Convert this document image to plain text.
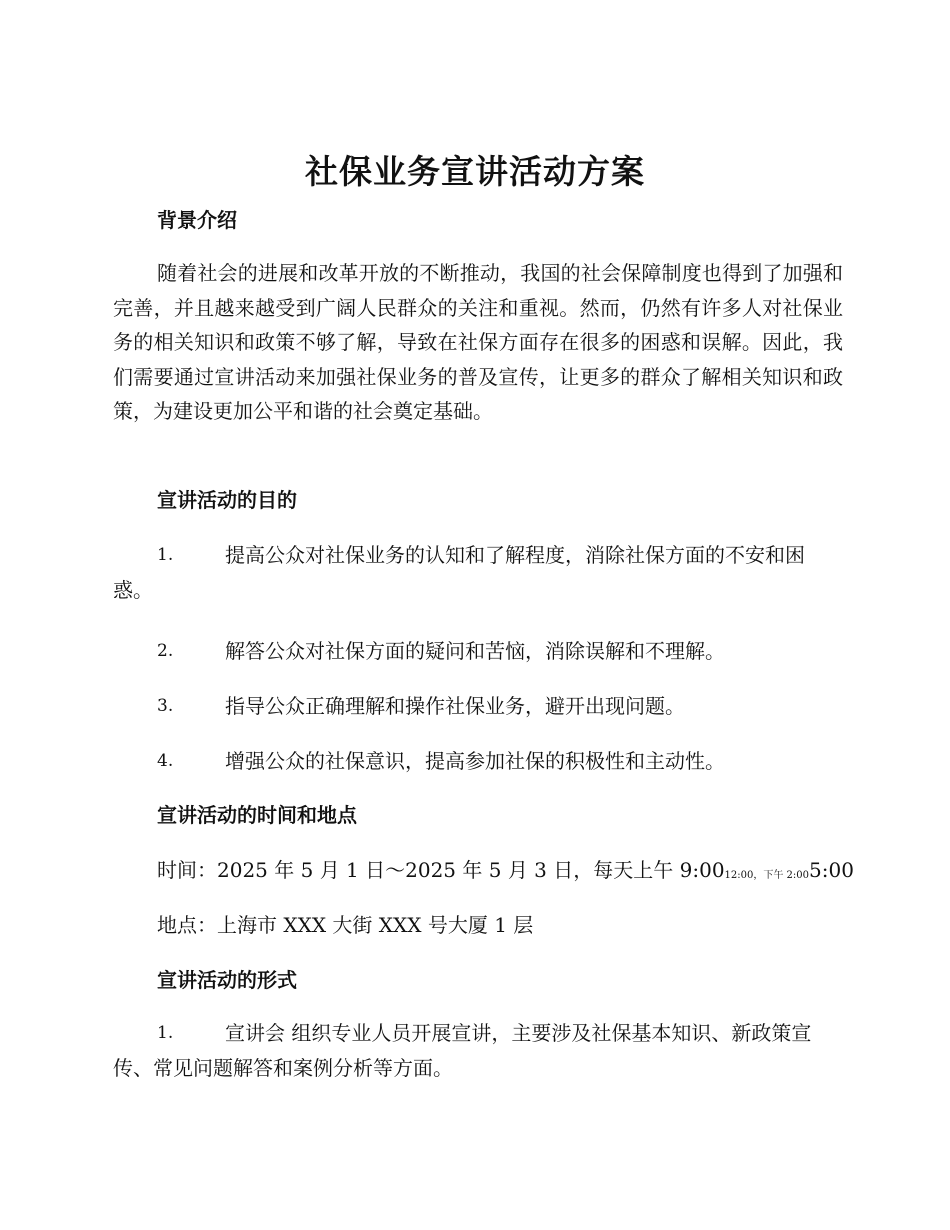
社保业务宣讲活动方案
背景介绍
随着社会的进展和改革开放的不断推动，我国的社会保障制度也得到了加强和完善，并且越来越受到广阔人民群众的关注和重视。然而，仍然有许多人对社保业务的相关知识和政策不够了解，导致在社保方面存在很多的困惑和误解。因此，我们需要通过宣讲活动来加强社保业务的普及宣传，让更多的群众了解相关知识和政策，为建设更加公平和谐的社会奠定基础。
宣讲活动的目的
1.	提高公众对社保业务的认知和了解程度，消除社保方面的不安和困惑。
2.	解答公众对社保方面的疑问和苦恼，消除误解和不理解。
3.	指导公众正确理解和操作社保业务，避开出现问题。
4.	增强公众的社保意识，提高参加社保的积极性和主动性。
宣讲活动的时间和地点
时间：2025 年 5 月 1 日～2025 年 5 月 3 日，每天上午 9:0012:00，下午 2:005:00
地点：上海市 XXX 大街 XXX 号大厦 1 层
宣讲活动的形式
1.	宣讲会 组织专业人员开展宣讲，主要涉及社保基本知识、新政策宣传、常见问题解答和案例分析等方面。
